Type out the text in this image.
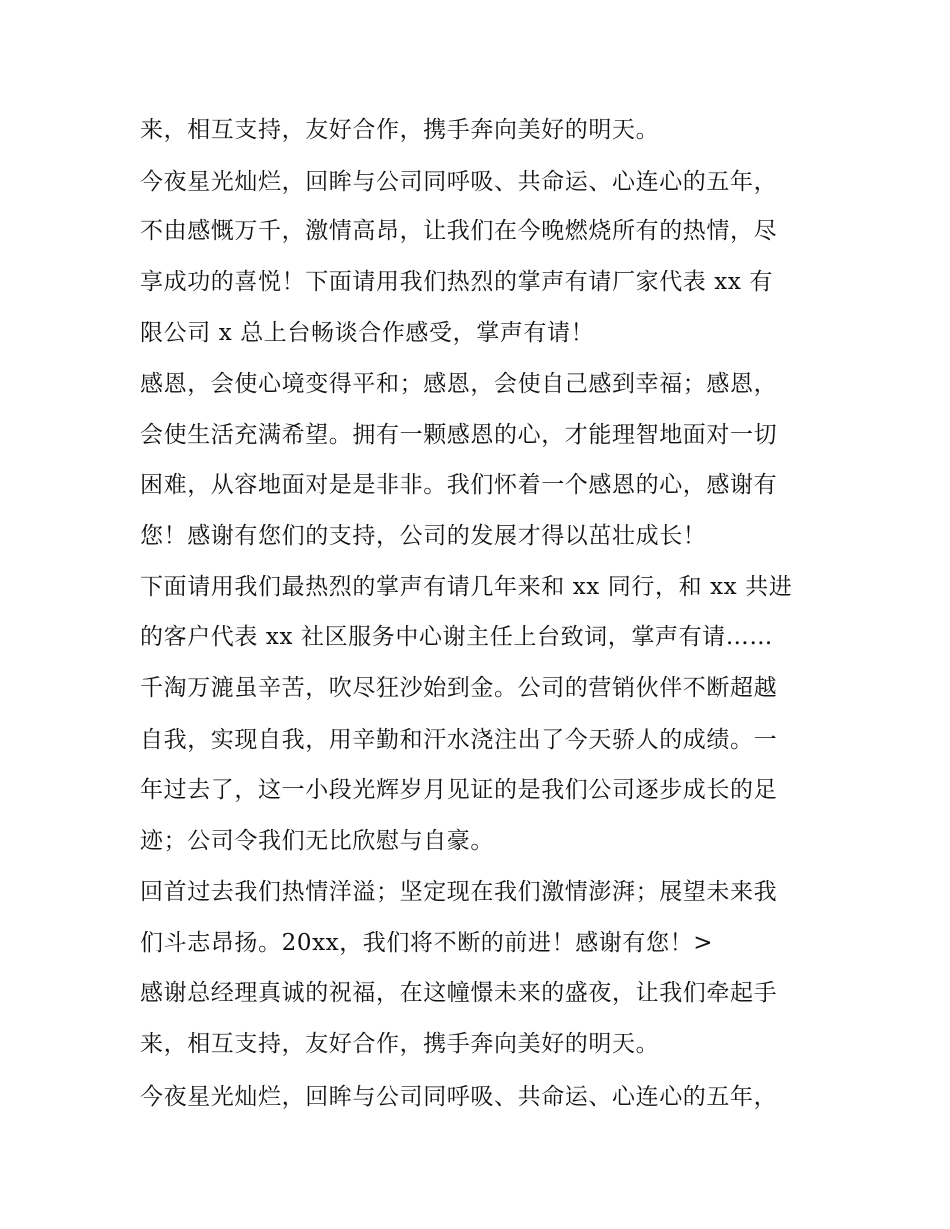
来，相互支持，友好合作，携手奔向美好的明天。
今夜星光灿烂，回眸与公司同呼吸、共命运、心连心的五年，
不由感慨万千，激情高昂，让我们在今晚燃烧所有的热情，尽
享成功的喜悦！下面请用我们热烈的掌声有请厂家代表 xx 有
限公司 x 总上台畅谈合作感受，掌声有请！
感恩，会使心境变得平和；感恩，会使自己感到幸福；感恩，
会使生活充满希望。拥有一颗感恩的心，才能理智地面对一切
困难，从容地面对是是非非。我们怀着一个感恩的心，感谢有
您！感谢有您们的支持，公司的发展才得以茁壮成长！
下面请用我们最热烈的掌声有请几年来和 xx 同行，和 xx 共进
的客户代表 xx 社区服务中心谢主任上台致词，掌声有请……
千淘万漉虽辛苦，吹尽狂沙始到金。公司的营销伙伴不断超越
自我，实现自我，用辛勤和汗水浇注出了今天骄人的成绩。一
年过去了，这一小段光辉岁月见证的是我们公司逐步成长的足
迹；公司令我们无比欣慰与自豪。
回首过去我们热情洋溢；坚定现在我们激情澎湃；展望未来我
们斗志昂扬。20xx，我们将不断的前进！感谢有您！>
感谢总经理真诚的祝福，在这幢憬未来的盛夜，让我们牵起手
来，相互支持，友好合作，携手奔向美好的明天。
今夜星光灿烂，回眸与公司同呼吸、共命运、心连心的五年，
